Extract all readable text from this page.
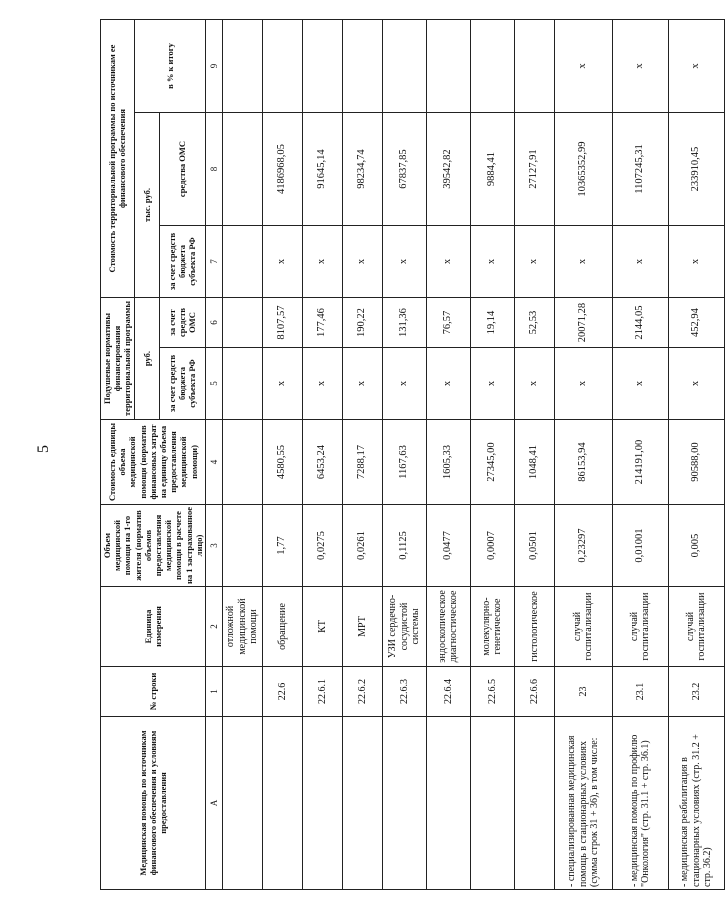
5
Медицинская помощь по источникам финансового обеспечения и условиям предоставления	№ строки	Единица измерения	Объем медицинской помощи на 1-го жителя (норматив объемов предоставления медицинской помощи в расчете на 1 застрахованное лицо)	Стоимость единицы объема медицинской помощи (норматив финансовых затрат на единицу объема предоставления медицинской помощи)	Подушевые нормативы финансирования территориальной программы		Стоимость территориальной программы по источникам ее финансового обеспечения		
					руб.		тыс. руб.		в % к итогу
					за счет средств бюджета субъекта РФ	за счет средств ОМС	за счет средств бюджета субъекта РФ	средства ОМС	
А	1	2	3	4	5	6	7	8	9
		отложной медицинской помощи							
	22.6	обращение	1,77	4580,55	х	8107,57	х	4186968,05	
	22.6.1	КТ	0,0275	6453,24	х	177,46	х	91645,14	
	22.6.2	МРТ	0,0261	7288,17	х	190,22	х	98234,74	
	22.6.3	УЗИ сердечно-сосудистой системы	0,1125	1167,63	х	131,36	х	67837,85	
	22.6.4	эндоскопическое диагностическое	0,0477	1605,33	х	76,57	х	39542,82	
	22.6.5	молекулярно-генетическое	0,0007	27345,00	х	19,14	х	9884,41	
	22.6.6	гистологическое	0,0501	1048,41	х	52,53	х	27127,91	
- специализированная медицинская помощь в стационарных условиях (сумма строк 31 + 36), в том числе:	23	случай госпитализации	0,23297	86153,94	х	20071,28	х	10365352,99	х
- медицинская помощь по профилю "Онкология" (стр. 31.1 + стр. 36.1)	23.1	случай госпитализации	0,01001	214191,00	х	2144,05	х	1107245,31	х
- медицинская реабилитация в стационарных условиях (стр. 31.2 + стр. 36.2)	23.2	случай госпитализации	0,005	90588,00	х	452,94	х	233910,45	х
